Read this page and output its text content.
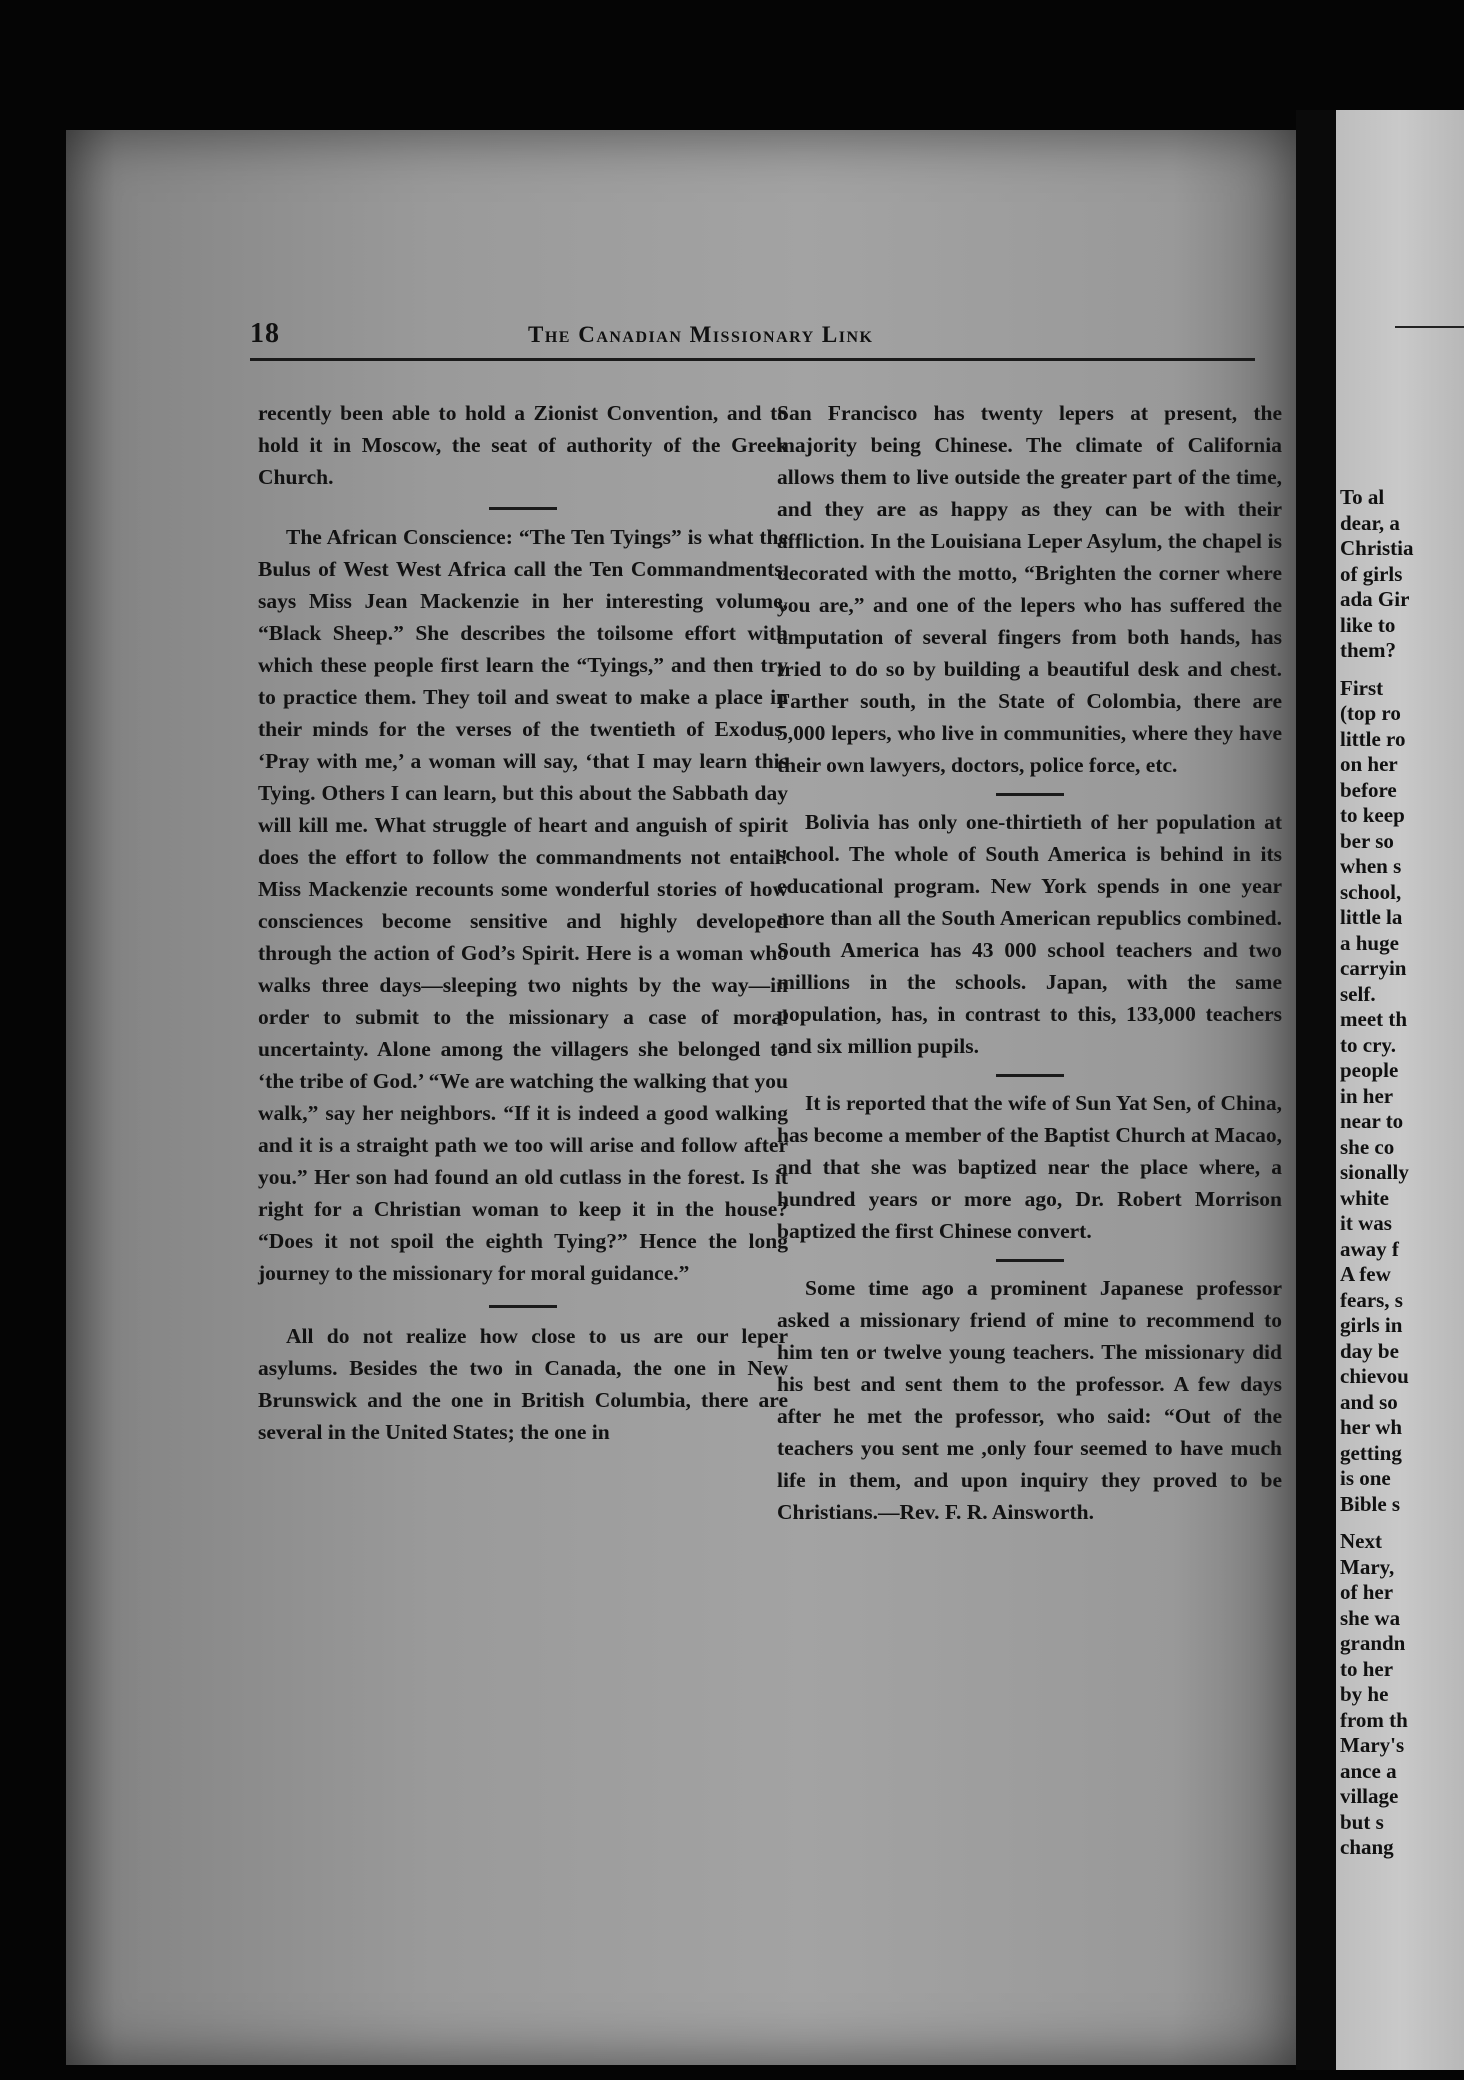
18	The Canadian Missionary Link

recently been able to hold a Zionist Convention, and to hold it in Moscow, the seat of authority of the Greek Church.

The African Conscience: “The Ten Tyings” is what the Bulus of West West Africa call the Ten Commandments, says Miss Jean Mackenzie in her interesting volume, “Black Sheep.” She describes the toilsome effort with which these people first learn the “Tyings,” and then try to practice them. They toil and sweat to make a place in their minds for the verses of the twentieth of Exodus. ‘Pray with me,’ a woman will say, ‘that I may learn this Tying. Others I can learn, but this about the Sabbath day will kill me. What struggle of heart and anguish of spirit does the effort to follow the commandments not entail! Miss Mackenzie recounts some wonderful stories of how consciences become sensitive and highly developed through the action of God’s Spirit. Here is a woman who walks three days—sleeping two nights by the way—in order to submit to the missionary a case of moral uncertainty. Alone among the villagers she belonged to ‘the tribe of God.’ “We are watching the walking that you walk,” say her neighbors. “If it is indeed a good walking and it is a straight path we too will arise and follow after you.” Her son had found an old cutlass in the forest. Is it right for a Christian woman to keep it in the house? “Does it not spoil the eighth Tying?” Hence the long journey to the missionary for moral guidance.”

All do not realize how close to us are our leper asylums. Besides the two in Canada, the one in New Brunswick and the one in British Columbia, there are several in the United States; the one in

San Francisco has twenty lepers at present, the majority being Chinese. The climate of California allows them to live outside the greater part of the time, and they are as happy as they can be with their affliction. In the Louisiana Leper Asylum, the chapel is decorated with the motto, “Brighten the corner where you are,” and one of the lepers who has suffered the amputation of several fingers from both hands, has tried to do so by building a beautiful desk and chest. Farther south, in the State of Colombia, there are 5,000 lepers, who live in communities, where they have their own lawyers, doctors, police force, etc.

Bolivia has only one-thirtieth of her population at school. The whole of South America is behind in its educational program. New York spends in one year more than all the South American republics combined. South America has 43 000 school teachers and two millions in the schools. Japan, with the same population, has, in contrast to this, 133,000 teachers and six million pupils.

It is reported that the wife of Sun Yat Sen, of China, has become a member of the Baptist Church at Macao, and that she was baptized near the place where, a hundred years or more ago, Dr. Robert Morrison baptized the first Chinese convert.

Some time ago a prominent Japanese professor asked a missionary friend of mine to recommend to him ten or twelve young teachers. The missionary did his best and sent them to the professor. A few days after he met the professor, who said: “Out of the teachers you sent me ,only four seemed to have much life in them, and upon inquiry they proved to be Christians.—Rev. F. R. Ainsworth.

To al
dear, a
Christia
of girls
ada Gir
like to
them?
First
(top ro
little ro
on her
before
to keep
ber so
when s
school,
little la
a huge
carryin
self.
meet th
to cry.
people
in her
near to
she co
sionally
white
it was
away f
A few
fears, s
girls in
day be
chievou
and so
her wh
getting
is one
Bible s
Next
Mary,
of her
she wa
grandn
to her
by he
from th
Mary's
ance a
village
but s
chang
